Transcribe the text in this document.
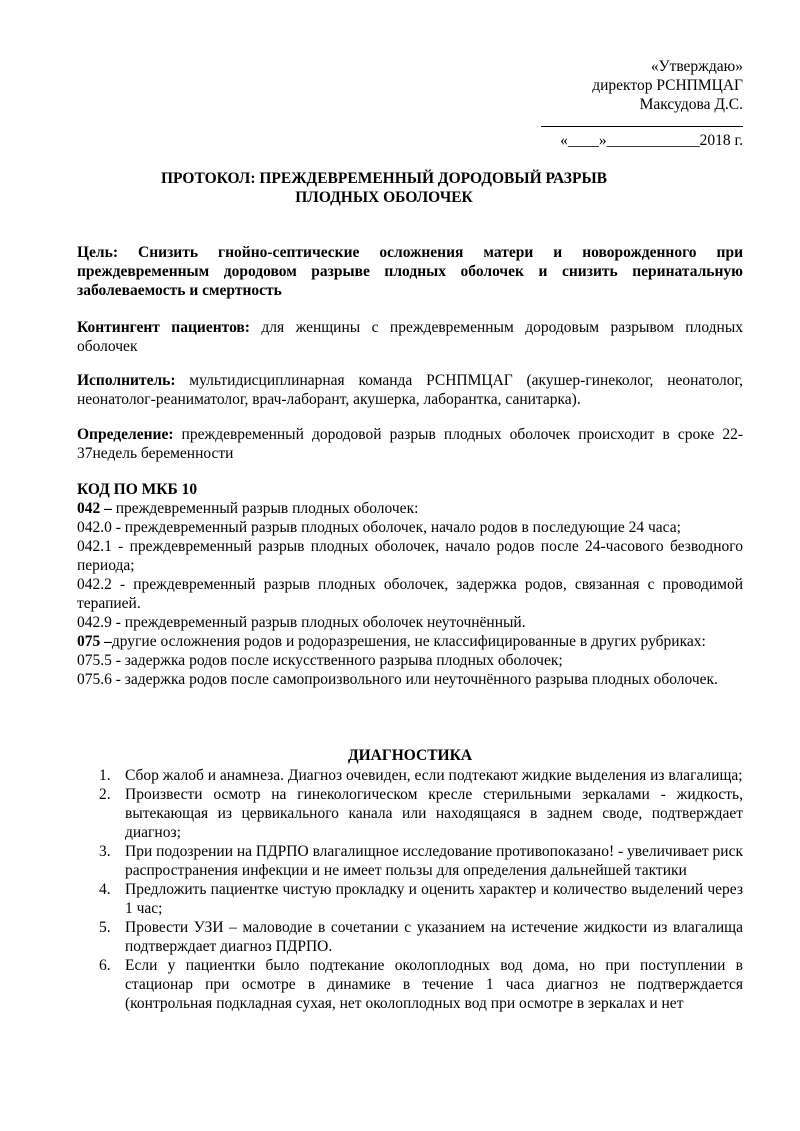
«Утверждаю»
директор РСНПМЦАГ
Максудова Д.С.
«____»____________2018 г.
ПРОТОКОЛ: ПРЕЖДЕВРЕМЕННЫЙ ДОРОДОВЫЙ РАЗРЫВ
ПЛОДНЫХ ОБОЛОЧЕК
Цель: Снизить гнойно-септические осложнения матери и новорожденного при преждевременным дородовом разрыве плодных оболочек и снизить перинатальную заболеваемость и смертность
Контингент пациентов: для женщины с преждевременным дородовым разрывом плодных оболочек
Исполнитель: мультидисциплинарная команда РСНПМЦАГ (акушер-гинеколог, неонатолог, неонатолог-реаниматолог, врач-лаборант, акушерка, лаборантка, санитарка).
Определение: преждевременный дородовой разрыв плодных оболочек происходит в сроке 22-37недель беременности
КОД ПО МКБ 10
042 – преждевременный разрыв плодных оболочек:
042.0 - преждевременный разрыв плодных оболочек, начало родов в последующие 24 часа;
042.1 - преждевременный разрыв плодных оболочек, начало родов после 24-часового безводного периода;
042.2 - преждевременный разрыв плодных оболочек, задержка родов, связанная с проводимой терапией.
042.9 - преждевременный разрыв плодных оболочек неуточнённый.
075 –другие осложнения родов и родоразрешения, не классифицированные в других рубриках:
075.5 - задержка родов после искусственного разрыва плодных оболочек;
075.6 - задержка родов после самопроизвольного или неуточнённого разрыва плодных оболочек.
ДИАГНОСТИКА
1. Сбор жалоб и анамнеза. Диагноз очевиден, если подтекают жидкие выделения из влагалища;
2. Произвести осмотр на гинекологическом кресле стерильными зеркалами - жидкость, вытекающая из цервикального канала или находящаяся в заднем своде, подтверждает диагноз;
3. При подозрении на ПДРПО влагалищное исследование противопоказано! - увеличивает риск распространения инфекции и не имеет пользы для определения дальнейшей тактики
4. Предложить пациентке чистую прокладку и оценить характер и количество выделений через 1 час;
5. Провести УЗИ – маловодие в сочетании с указанием на истечение жидкости из влагалища подтверждает диагноз ПДРПО.
6. Если у пациентки было подтекание околоплодных вод дома, но при поступлении в стационар при осмотре в динамике в течение 1 часа диагноз не подтверждается (контрольная подкладная сухая, нет околоплодных вод при осмотре в зеркалах и нет
